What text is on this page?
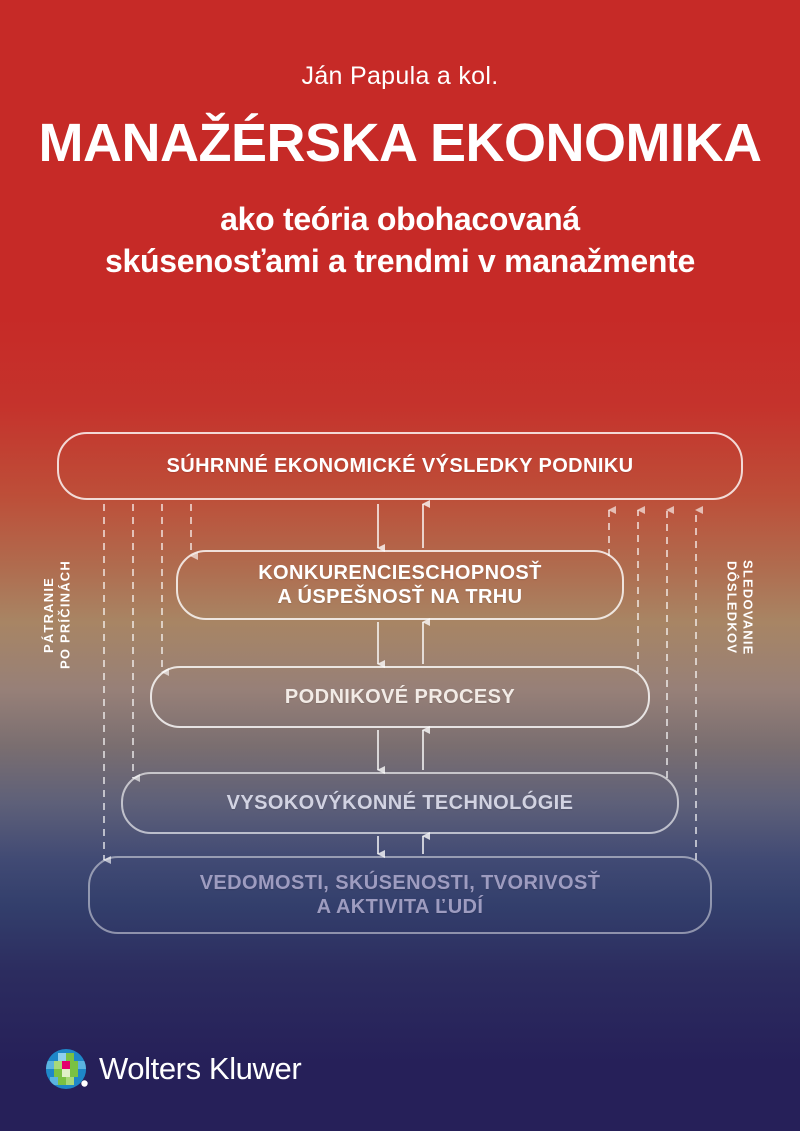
Ján Papula a kol.
MANAŽÉRSKA EKONOMIKA
ako teória obohacovaná
skúsenosťami a trendmi v manažmente
SÚHRNNÉ EKONOMICKÉ VÝSLEDKY PODNIKU
KONKURENCIESCHOPNOSŤ
A ÚSPEŠNOSŤ NA TRHU
PODNIKOVÉ PROCESY
VYSOKOVÝKONNÉ TECHNOLÓGIE
VEDOMOSTI, SKÚSENOSTI, TVORIVOSŤ
A AKTIVITA ĽUDÍ
PÁTRANIE PO PRÍČINÁCH	SLEDOVANIE
DÔSLEDKOV
Wolters Kluwer
